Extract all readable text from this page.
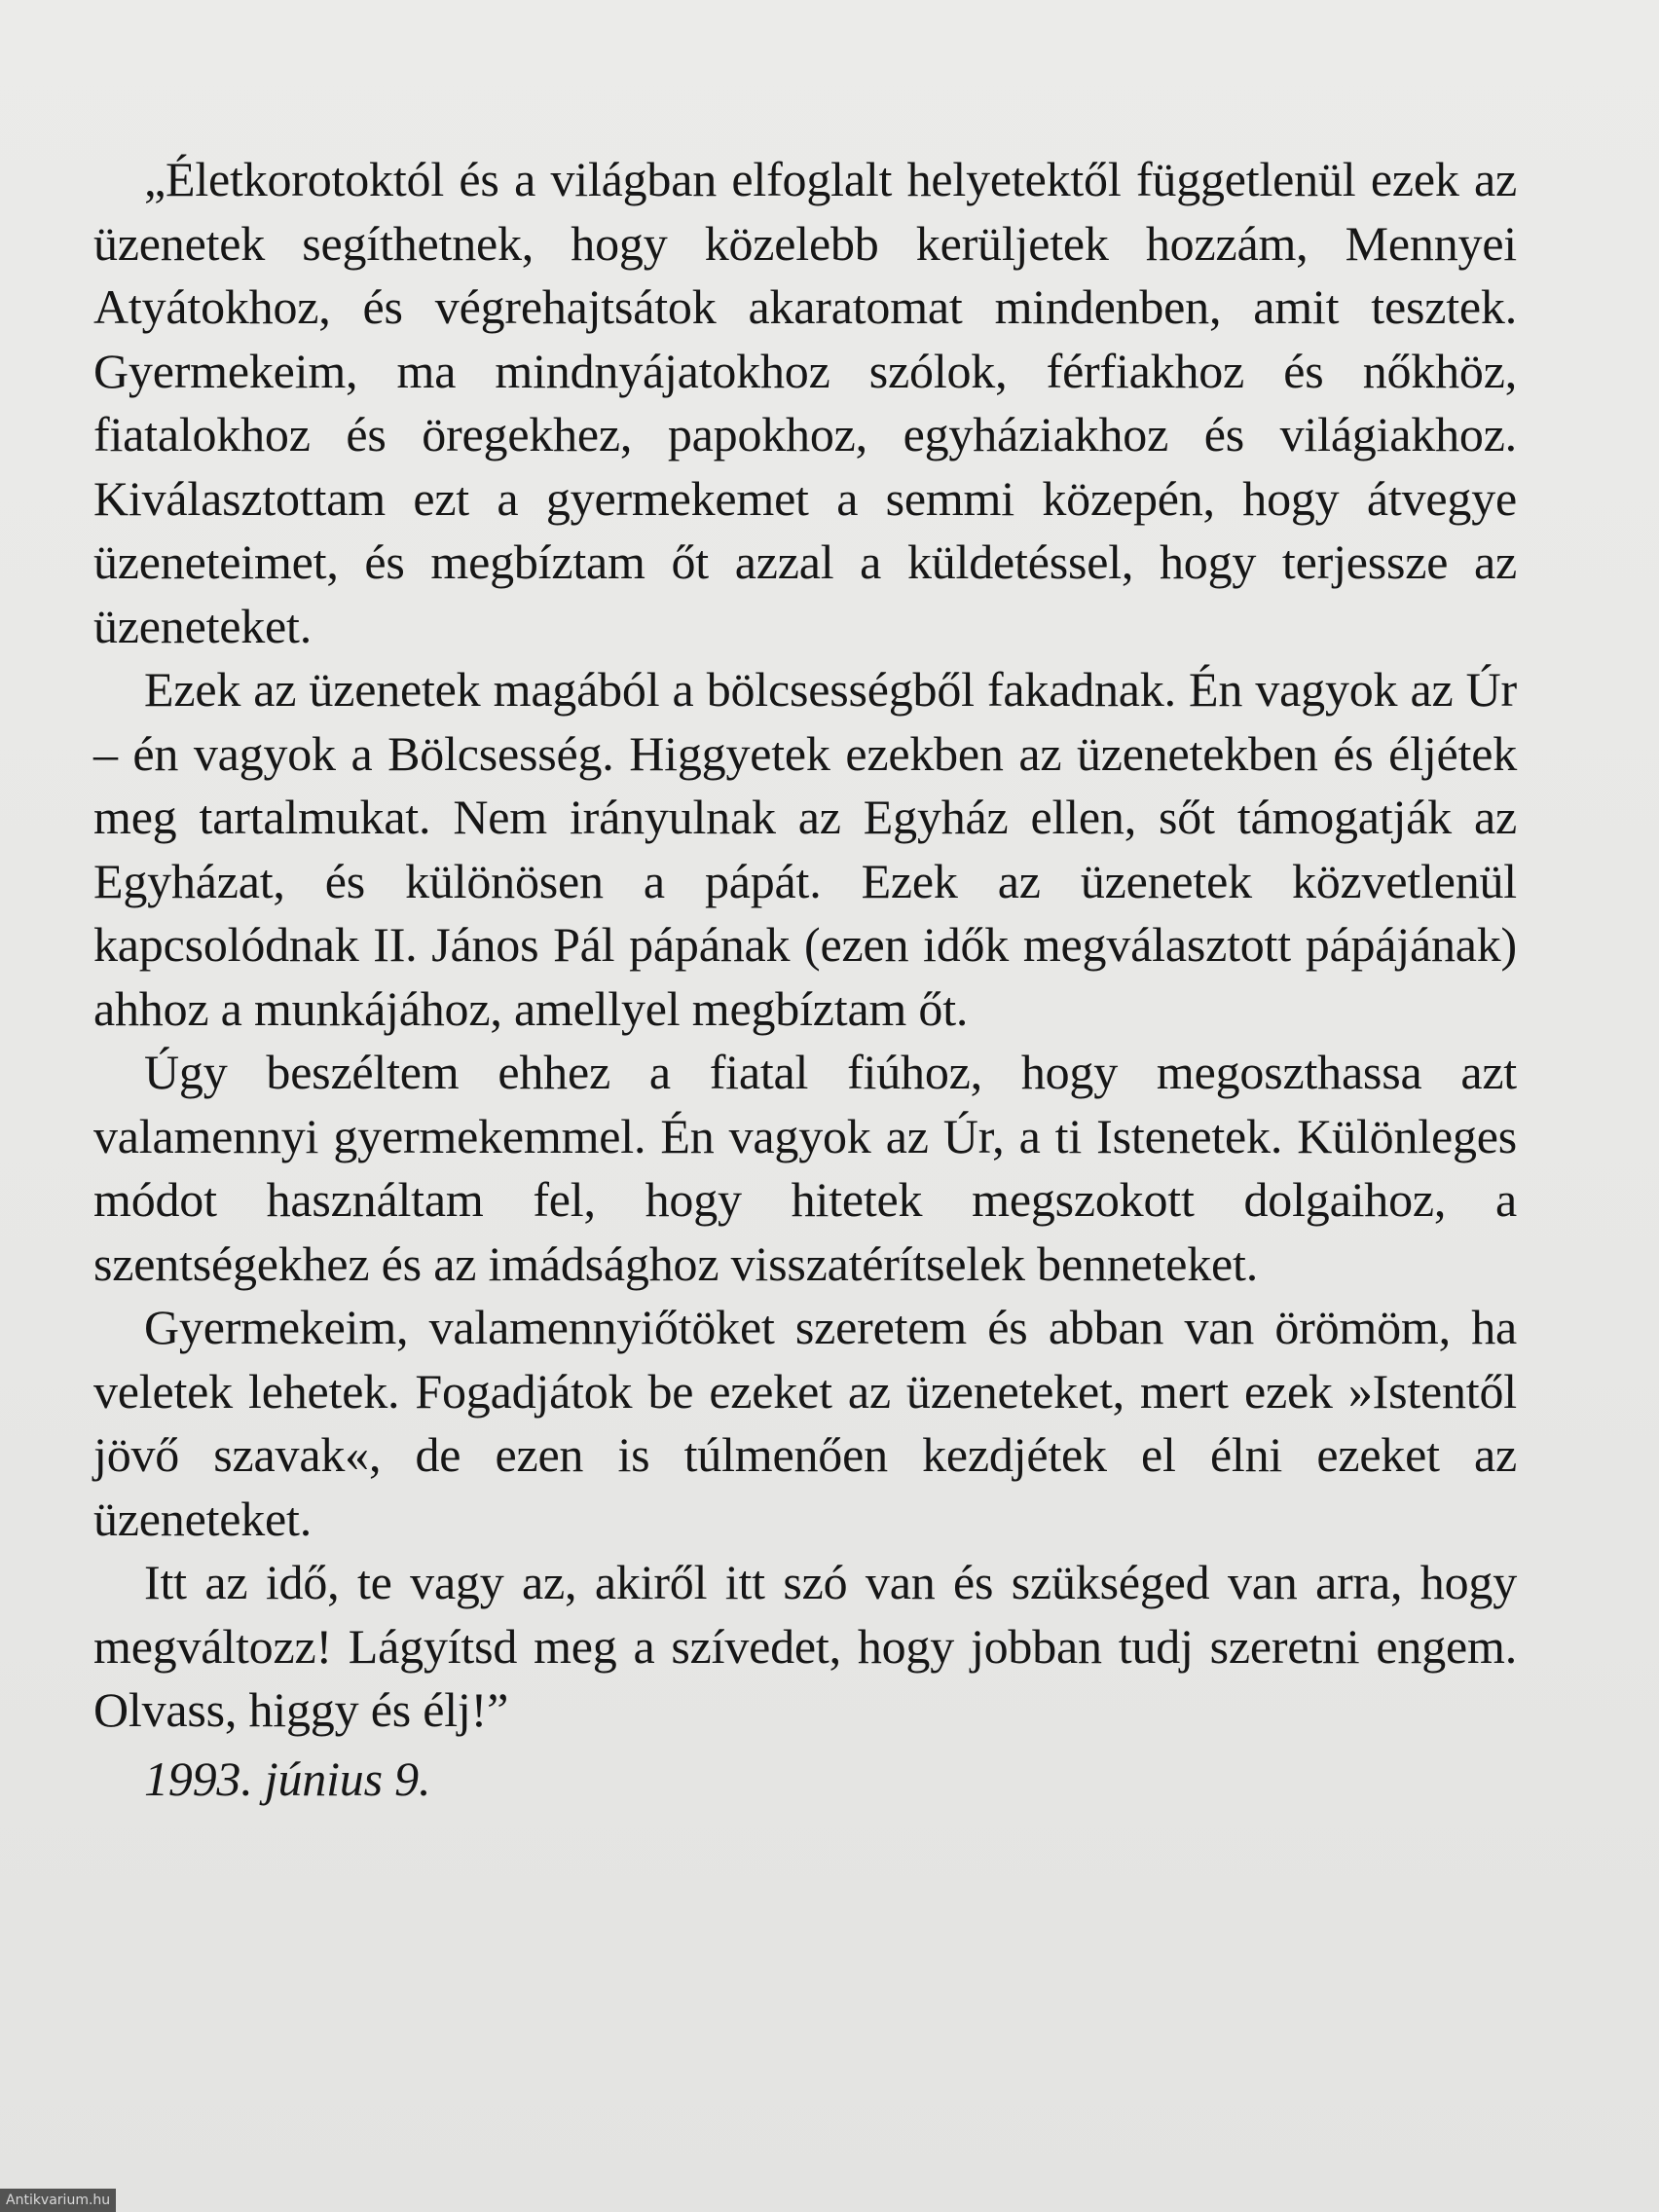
„Életkorotoktól és a világban elfoglalt helyetektől függetlenül ezek az üzenetek segíthetnek, hogy közelebb kerüljetek hozzám, Mennyei Atyátokhoz, és végrehajtsátok akaratomat mindenben, amit tesztek. Gyermekeim, ma mindnyájatokhoz szólok, férfiakhoz és nőkhöz, fiatalokhoz és öregekhez, papokhoz, egyháziakhoz és világiakhoz. Kiválasztottam ezt a gyermekemet a semmi közepén, hogy átvegye üzeneteimet, és megbíztam őt azzal a küldetéssel, hogy terjessze az üzeneteket.

Ezek az üzenetek magából a bölcsességből fakadnak. Én vagyok az Úr – én vagyok a Bölcsesség. Higgyetek ezekben az üzenetekben és éljétek meg tartalmukat. Nem irányulnak az Egyház ellen, sőt támogatják az Egyházat, és különösen a pápát. Ezek az üzenetek közvetlenül kapcsolódnak II. János Pál pápának (ezen idők megválasztott pápájának) ahhoz a munkájához, amellyel megbíztam őt.

Úgy beszéltem ehhez a fiatal fiúhoz, hogy megoszthassa azt valamennyi gyermekemmel. Én vagyok az Úr, a ti Istenetek. Különleges módot használtam fel, hogy hitetek megszokott dolgaihoz, a szentségekhez és az imádsághoz visszatérítselek benneteket.

Gyermekeim, valamennyiőtöket szeretem és abban van örömöm, ha veletek lehetek. Fogadjátok be ezeket az üzeneteket, mert ezek »Istentől jövő szavak«, de ezen is túlmenően kezdjétek el élni ezeket az üzeneteket.

Itt az idő, te vagy az, akiről itt szó van és szükséged van arra, hogy megváltozz! Lágyítsd meg a szívedet, hogy jobban tudj szeretni engem. Olvass, higgy és élj!”

1993. június 9.

Antikvarium.hu
